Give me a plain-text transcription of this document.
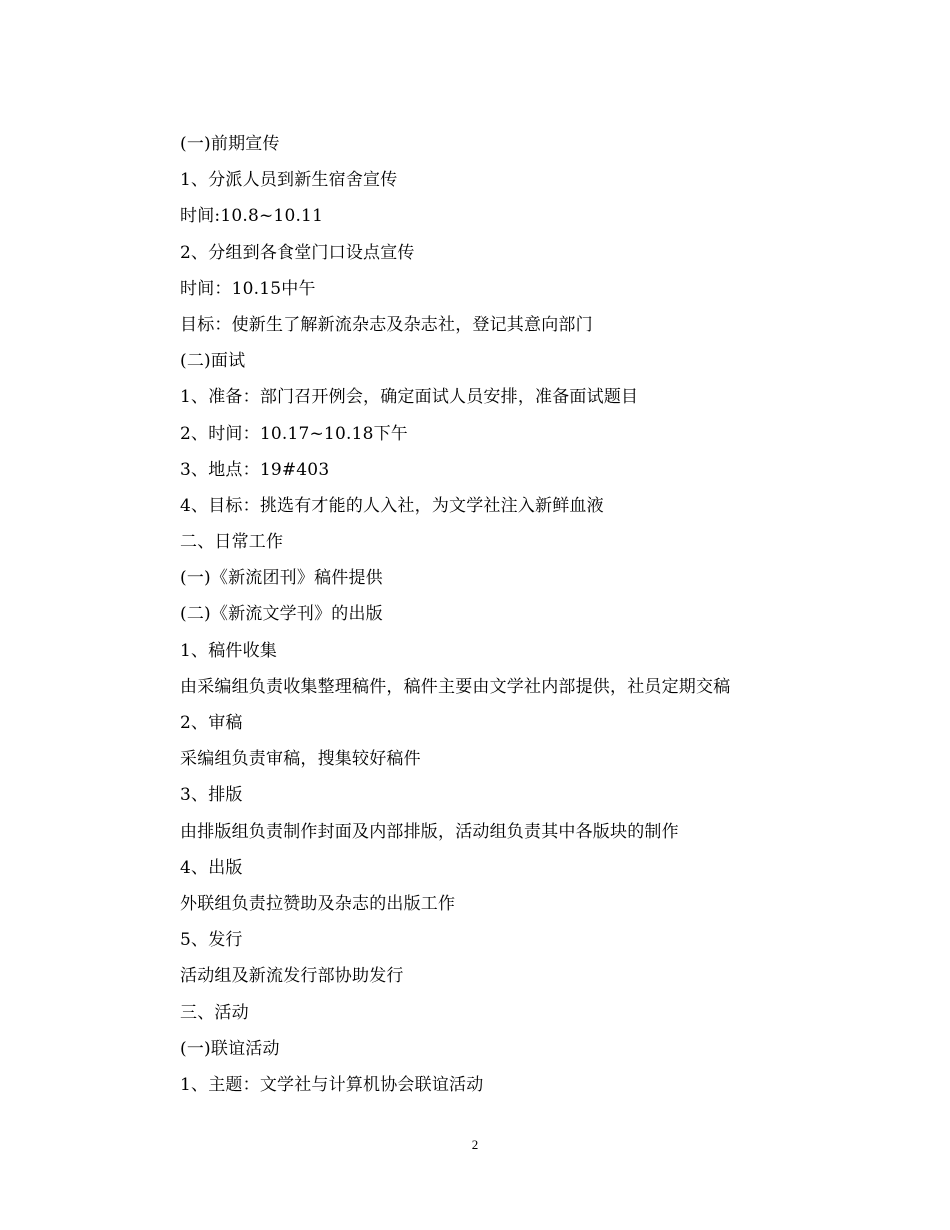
(一)前期宣传
1、分派人员到新生宿舍宣传
时间:10.8~10.11
2、分组到各食堂门口设点宣传
时间：10.15中午
目标：使新生了解新流杂志及杂志社，登记其意向部门
(二)面试
1、准备：部门召开例会，确定面试人员安排，准备面试题目
2、时间：10.17~10.18下午
3、地点：19#403
4、目标：挑选有才能的人入社，为文学社注入新鲜血液
二、日常工作
(一)《新流团刊》稿件提供
(二)《新流文学刊》的出版
1、稿件收集
由采编组负责收集整理稿件，稿件主要由文学社内部提供，社员定期交稿
2、审稿
采编组负责审稿，搜集较好稿件
3、排版
由排版组负责制作封面及内部排版，活动组负责其中各版块的制作
4、出版
外联组负责拉赞助及杂志的出版工作
5、发行
活动组及新流发行部协助发行
三、活动
(一)联谊活动
1、主题：文学社与计算机协会联谊活动
2
